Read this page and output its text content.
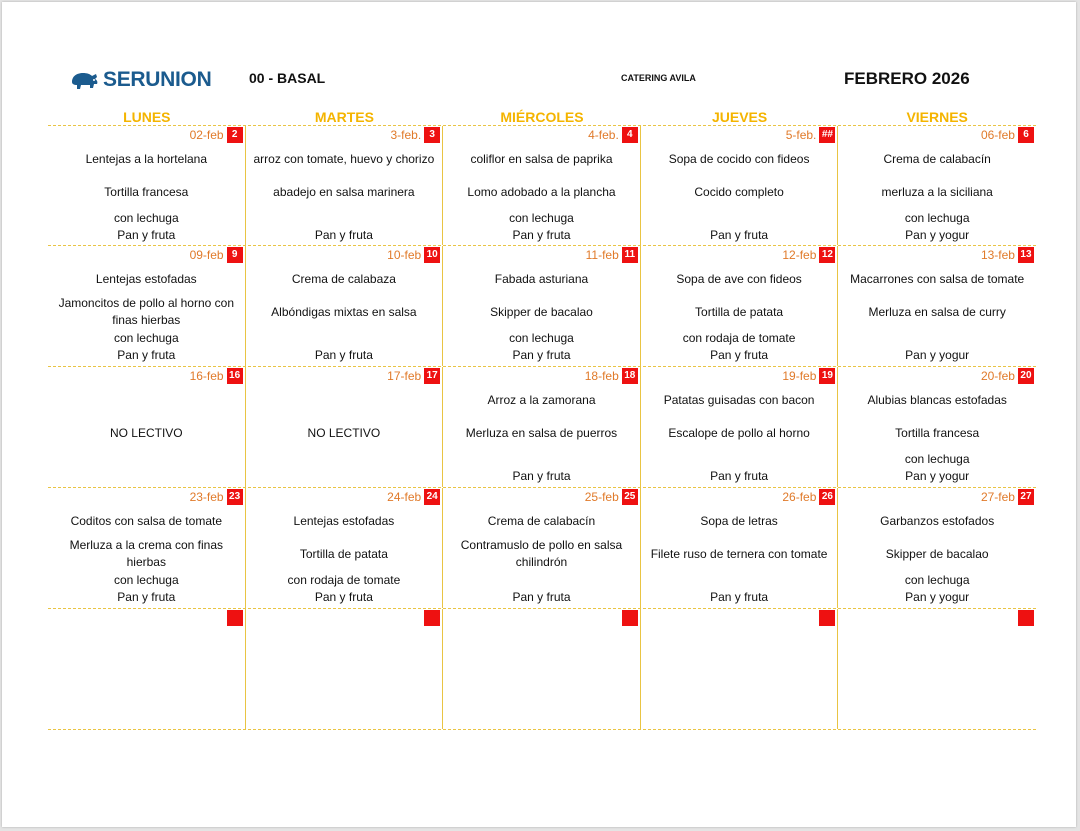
SERUNION	00 - BASAL	CATERING AVILA	FEBRERO 2026
LUNES	MARTES	MIÉRCOLES	JUEVES	VIERNES
02-feb 2
Lentejas a la hortelana
Tortilla francesa
con lechuga
Pan y fruta
3-feb. 3
arroz con tomate, huevo y chorizo
abadejo en salsa marinera
Pan y fruta
4-feb. 4
coliflor en salsa de paprika
Lomo adobado a la plancha
con lechuga
Pan y fruta
5-feb. ##
Sopa de cocido con fideos
Cocido completo
Pan y fruta
06-feb 6
Crema de calabacín
merluza a la siciliana
con lechuga
Pan y yogur
09-feb 9
Lentejas estofadas
Jamoncitos de pollo al horno con finas hierbas
con lechuga
Pan y fruta
10-feb 10
Crema de calabaza
Albóndigas mixtas en salsa
Pan y fruta
11-feb 11
Fabada asturiana
Skipper de bacalao
con lechuga
Pan y fruta
12-feb 12
Sopa de ave con fideos
Tortilla de patata
con rodaja de tomate
Pan y fruta
13-feb 13
Macarrones con salsa de tomate
Merluza en salsa de curry
Pan y yogur
16-feb 16
NO LECTIVO
17-feb 17
NO LECTIVO
18-feb 18
Arroz a la zamorana
Merluza en salsa de puerros
Pan y fruta
19-feb 19
Patatas guisadas con bacon
Escalope de pollo al horno
Pan y fruta
20-feb 20
Alubias blancas estofadas
Tortilla francesa
con lechuga
Pan y yogur
23-feb 23
Coditos con salsa de tomate
Merluza a la crema con finas hierbas
con lechuga
Pan y fruta
24-feb 24
Lentejas estofadas
Tortilla de patata
con rodaja de tomate
Pan y fruta
25-feb 25
Crema de calabacín
Contramuslo de pollo en salsa chilindrón
Pan y fruta
26-feb 26
Sopa de letras
Filete ruso de ternera con tomate
Pan y fruta
27-feb 27
Garbanzos estofados
Skipper de bacalao
con lechuga
Pan y yogur
